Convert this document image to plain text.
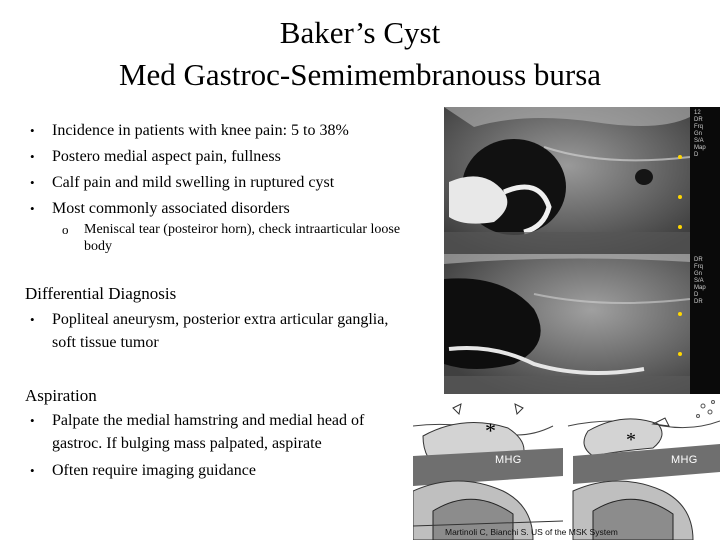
Baker’s Cyst
Med Gastroc-Semimembranouss bursa
• Incidence in patients with knee pain: 5 to 38%
• Postero medial aspect pain, fullness
• Calf pain and mild swelling in ruptured cyst
• Most commonly associated disorders
o Meniscal tear (posteiror horn), check intraarticular loose body
Differential Diagnosis
• Popliteal aneurysm, posterior extra articular ganglia, soft tissue tumor
Aspiration
• Palpate the medial hamstring and medial head of gastroc. If bulging mass palpated, aspirate
• Often require imaging guidance
12
DR
Frq
Gn
S/A
Map
D
DR
Frq
Gn
S/A
Map
D
DR
*	*
MHG	MHG
Martinoli C, Bianchi S. US of the MSK System
